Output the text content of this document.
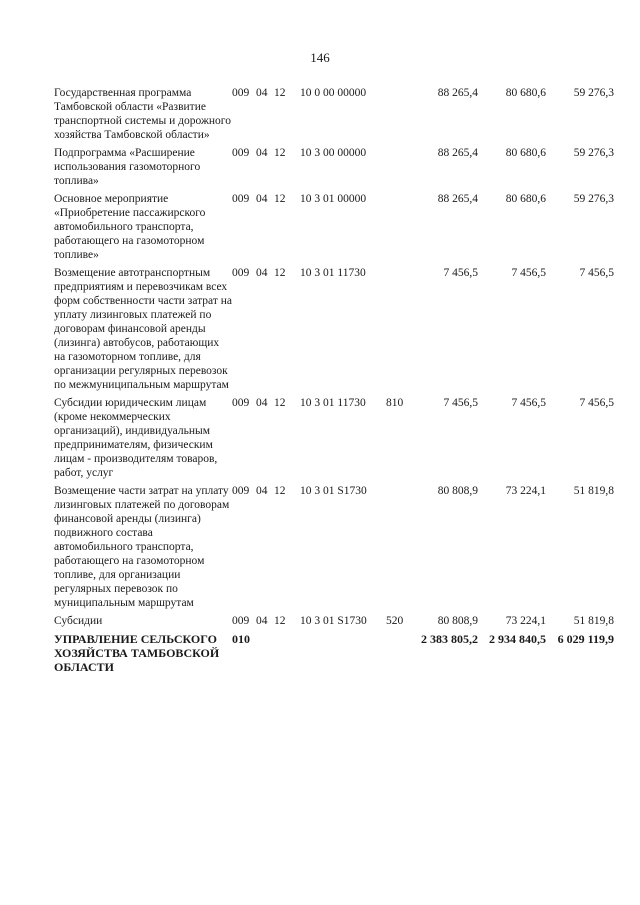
146
Государственная программа Тамбовской области «Развитие транспортной системы и дорожного хозяйства Тамбовской области»	009	04	12	10 0 00 00000		88 265,4	80 680,6	59 276,3
Подпрограмма «Расширение использования газомоторного топлива»	009	04	12	10 3 00 00000		88 265,4	80 680,6	59 276,3
Основное мероприятие «Приобретение пассажирского автомобильного транспорта, работающего на газомоторном топливе»	009	04	12	10 3 01 00000		88 265,4	80 680,6	59 276,3
Возмещение автотранспортным предприятиям и перевозчикам всех форм собственности части затрат на уплату лизинговых платежей по договорам финансовой аренды (лизинга) автобусов, работающих на газомоторном топливе, для организации регулярных перевозок по межмуниципальным маршрутам	009	04	12	10 3 01 11730		7 456,5	7 456,5	7 456,5
Субсидии юридическим лицам (кроме некоммерческих организаций), индивидуальным предпринимателям, физическим лицам - производителям товаров, работ, услуг	009	04	12	10 3 01 11730	810	7 456,5	7 456,5	7 456,5
Возмещение части затрат на уплату лизинговых платежей по договорам финансовой аренды (лизинга) подвижного состава автомобильного транспорта, работающего на газомоторном топливе, для организации регулярных перевозок по муниципальным маршрутам	009	04	12	10 3 01 S1730		80 808,9	73 224,1	51 819,8
Субсидии	009	04	12	10 3 01 S1730	520	80 808,9	73 224,1	51 819,8
УПРАВЛЕНИЕ СЕЛЬСКОГО ХОЗЯЙСТВА ТАМБОВСКОЙ ОБЛАСТИ	010					2 383 805,2	2 934 840,5	6 029 119,9
